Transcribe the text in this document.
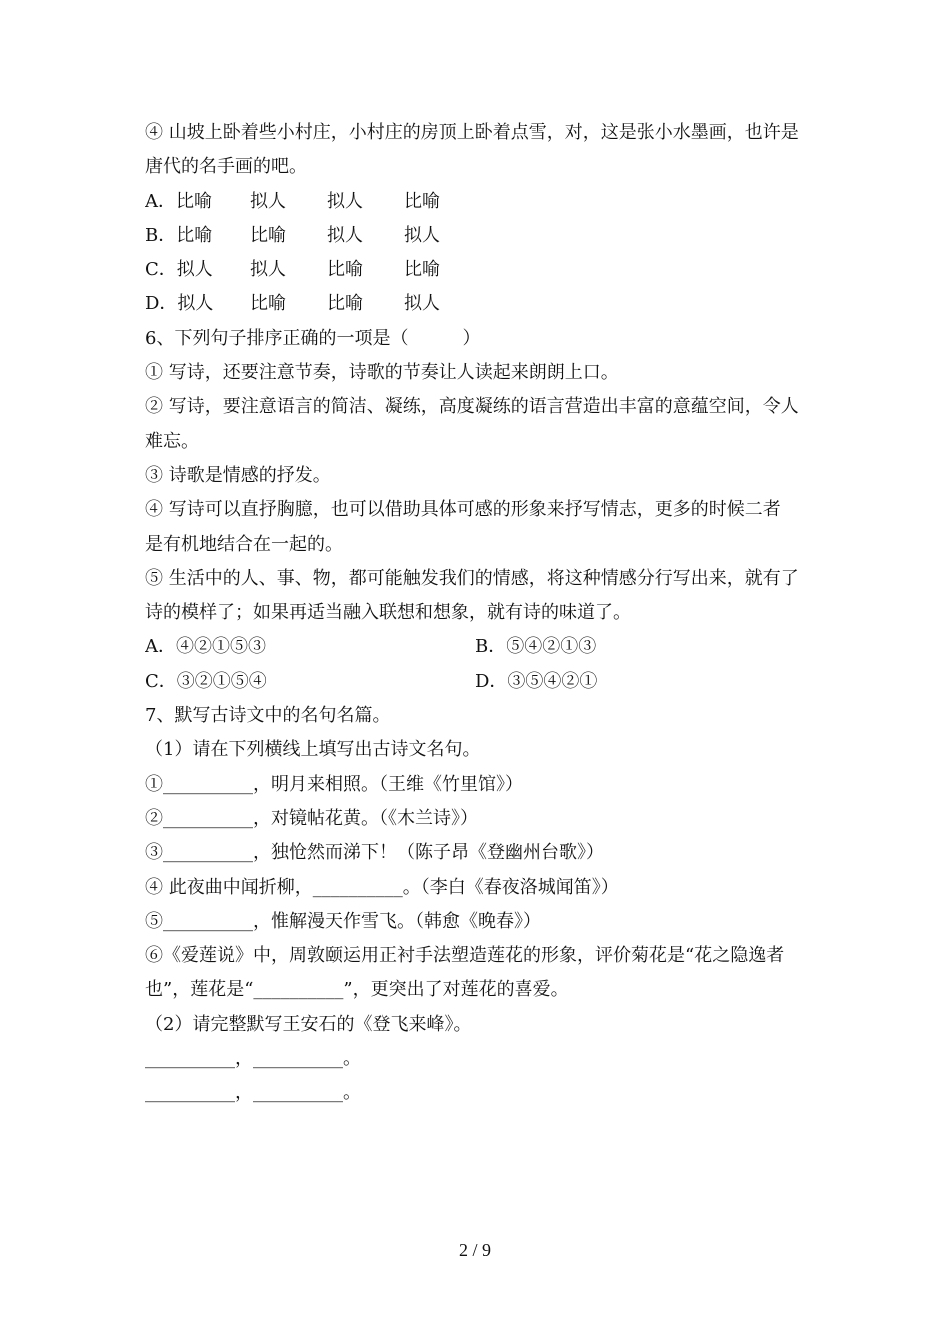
④ 山坡上卧着些小村庄，小村庄的房顶上卧着点雪，对，这是张小水墨画，也许是
唐代的名手画的吧。
A．比喻 拟人 拟人 比喻
B．比喻 比喻 拟人 拟人
C．拟人 拟人 比喻 比喻
D．拟人 比喻 比喻 拟人
6、下列句子排序正确的一项是（　　　）
① 写诗，还要注意节奏，诗歌的节奏让人读起来朗朗上口。
② 写诗，要注意语言的简洁、凝练，高度凝练的语言营造出丰富的意蕴空间，令人
难忘。
③ 诗歌是情感的抒发。
④ 写诗可以直抒胸臆，也可以借助具体可感的形象来抒写情志，更多的时候二者
是有机地结合在一起的。
⑤ 生活中的人、事、物，都可能触发我们的情感，将这种情感分行写出来，就有了
诗的模样了；如果再适当融入联想和想象，就有诗的味道了。
A．④②①⑤③	B．⑤④②①③
C．③②①⑤④	D．③⑤④②①
7、默写古诗文中的名句名篇。
（1）请在下列横线上填写出古诗文名句。
①__________，明月来相照。（王维《竹里馆》）
②__________，对镜帖花黄。（《木兰诗》）
③__________，独怆然而涕下！（陈子昂《登幽州台歌》）
④ 此夜曲中闻折柳，__________。（李白《春夜洛城闻笛》）
⑤__________，惟解漫天作雪飞。（韩愈《晚春》）
⑥《爱莲说》中，周敦颐运用正衬手法塑造莲花的形象，评价菊花是“花之隐逸者
也”，莲花是“__________”，更突出了对莲花的喜爱。
（2）请完整默写王安石的《登飞来峰》。
__________，__________。
__________，__________。
2 / 9
